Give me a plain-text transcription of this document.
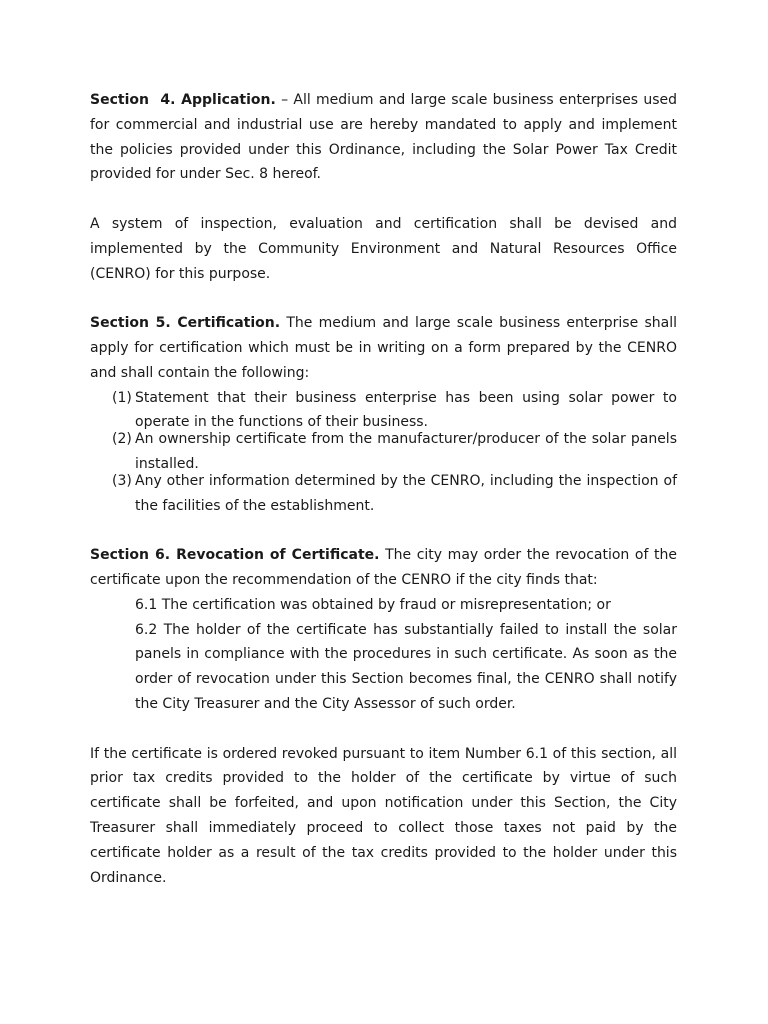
Section  4. Application. – All medium and large scale business enterprises used for commercial and industrial use are hereby mandated to apply and implement the policies provided under this Ordinance, including the Solar Power Tax Credit provided for under Sec. 8 hereof.

A system of inspection, evaluation and certification shall be devised and implemented by the Community Environment and Natural Resources Office (CENRO) for this purpose.

Section 5. Certification. The medium and large scale business enterprise shall apply for certification which must be in writing on a form prepared by the CENRO and shall contain the following:

(1) Statement that their business enterprise has been using solar power to operate in the functions of their business.
(2) An ownership certificate from the manufacturer/producer of the solar panels installed.
(3) Any other information determined by the CENRO, including the inspection of the facilities of the establishment.

Section 6. Revocation of Certificate. The city may order the revocation of the certificate upon the recommendation of the CENRO if the city finds that:

6.1 The certification was obtained by fraud or misrepresentation; or

6.2 The holder of the certificate has substantially failed to install the solar panels in compliance with the procedures in such certificate. As soon as the order of revocation under this Section becomes final, the CENRO shall notify the City Treasurer and the City Assessor of such order.

If the certificate is ordered revoked pursuant to item Number 6.1 of this section, all prior tax credits provided to the holder of the certificate by virtue of such certificate shall be forfeited, and upon notification under this Section, the City Treasurer shall immediately proceed to collect those taxes not paid by the certificate holder as a result of the tax credits provided to the holder under this Ordinance.
